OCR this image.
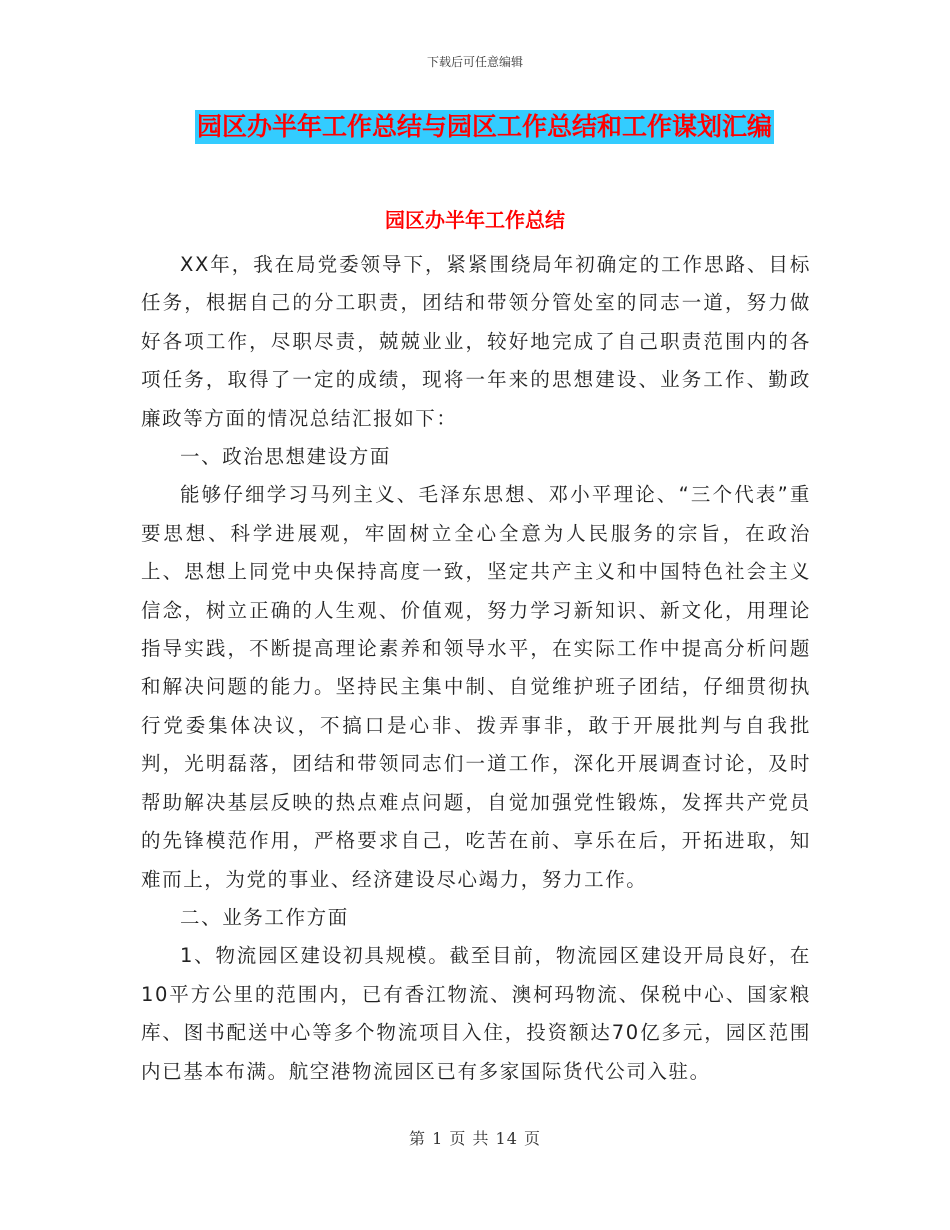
下载后可任意编辑
园区办半年工作总结与园区工作总结和工作谋划汇编
园区办半年工作总结

XX年，我在局党委领导下，紧紧围绕局年初确定的工作思路、目标任务，根据自己的分工职责，团结和带领分管处室的同志一道，努力做好各项工作，尽职尽责，兢兢业业，较好地完成了自己职责范围内的各项任务，取得了一定的成绩，现将一年来的思想建设、业务工作、勤政廉政等方面的情况总结汇报如下：

一、政治思想建设方面

能够仔细学习马列主义、毛泽东思想、邓小平理论、“三个代表”重要思想、科学进展观，牢固树立全心全意为人民服务的宗旨，在政治上、思想上同党中央保持高度一致，坚定共产主义和中国特色社会主义信念，树立正确的人生观、价值观，努力学习新知识、新文化，用理论指导实践，不断提高理论素养和领导水平，在实际工作中提高分析问题和解决问题的能力。坚持民主集中制、自觉维护班子团结，仔细贯彻执行党委集体决议，不搞口是心非、拨弄事非，敢于开展批判与自我批判，光明磊落，团结和带领同志们一道工作，深化开展调查讨论，及时帮助解决基层反映的热点难点问题，自觉加强党性锻炼，发挥共产党员的先锋模范作用，严格要求自己，吃苦在前、享乐在后，开拓进取，知难而上，为党的事业、经济建设尽心竭力，努力工作。

二、业务工作方面

1、物流园区建设初具规模。截至目前，物流园区建设开局良好，在10平方公里的范围内，已有香江物流、澳柯玛物流、保税中心、国家粮库、图书配送中心等多个物流项目入住，投资额达70亿多元，园区范围内已基本布满。航空港物流园区已有多家国际货代公司入驻。

第 1 页 共 14 页
